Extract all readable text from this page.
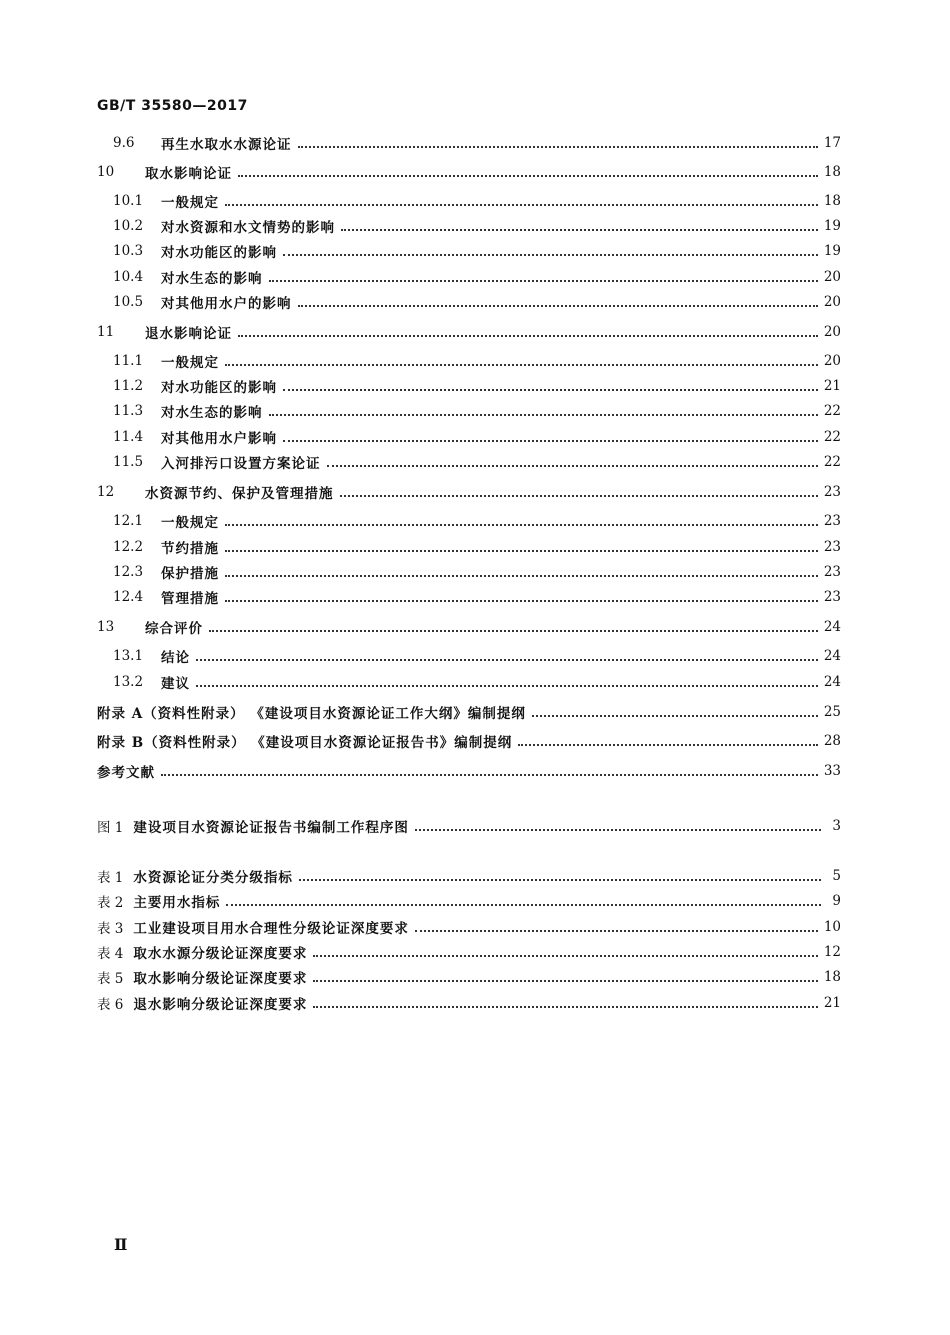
GB/T 35580—2017
9.6	再生水取水水源论证	17
10	取水影响论证	18
10.1	一般规定	18
10.2	对水资源和水文情势的影响	19
10.3	对水功能区的影响	19
10.4	对水生态的影响	20
10.5	对其他用水户的影响	20
11	退水影响论证	20
11.1	一般规定	20
11.2	对水功能区的影响	21
11.3	对水生态的影响	22
11.4	对其他用水户影响	22
11.5	入河排污口设置方案论证	22
12	水资源节约、保护及管理措施	23
12.1	一般规定	23
12.2	节约措施	23
12.3	保护措施	23
12.4	管理措施	23
13	综合评价	24
13.1	结论	24
13.2	建议	24
附录 A（资料性附录） 《建设项目水资源论证工作大纲》编制提纲	25
附录 B（资料性附录） 《建设项目水资源论证报告书》编制提纲	28
参考文献	33
图 1 建设项目水资源论证报告书编制工作程序图	3
表 1 水资源论证分类分级指标	5
表 2 主要用水指标	9
表 3 工业建设项目用水合理性分级论证深度要求	10
表 4 取水水源分级论证深度要求	12
表 5 取水影响分级论证深度要求	18
表 6 退水影响分级论证深度要求	21
Ⅱ
